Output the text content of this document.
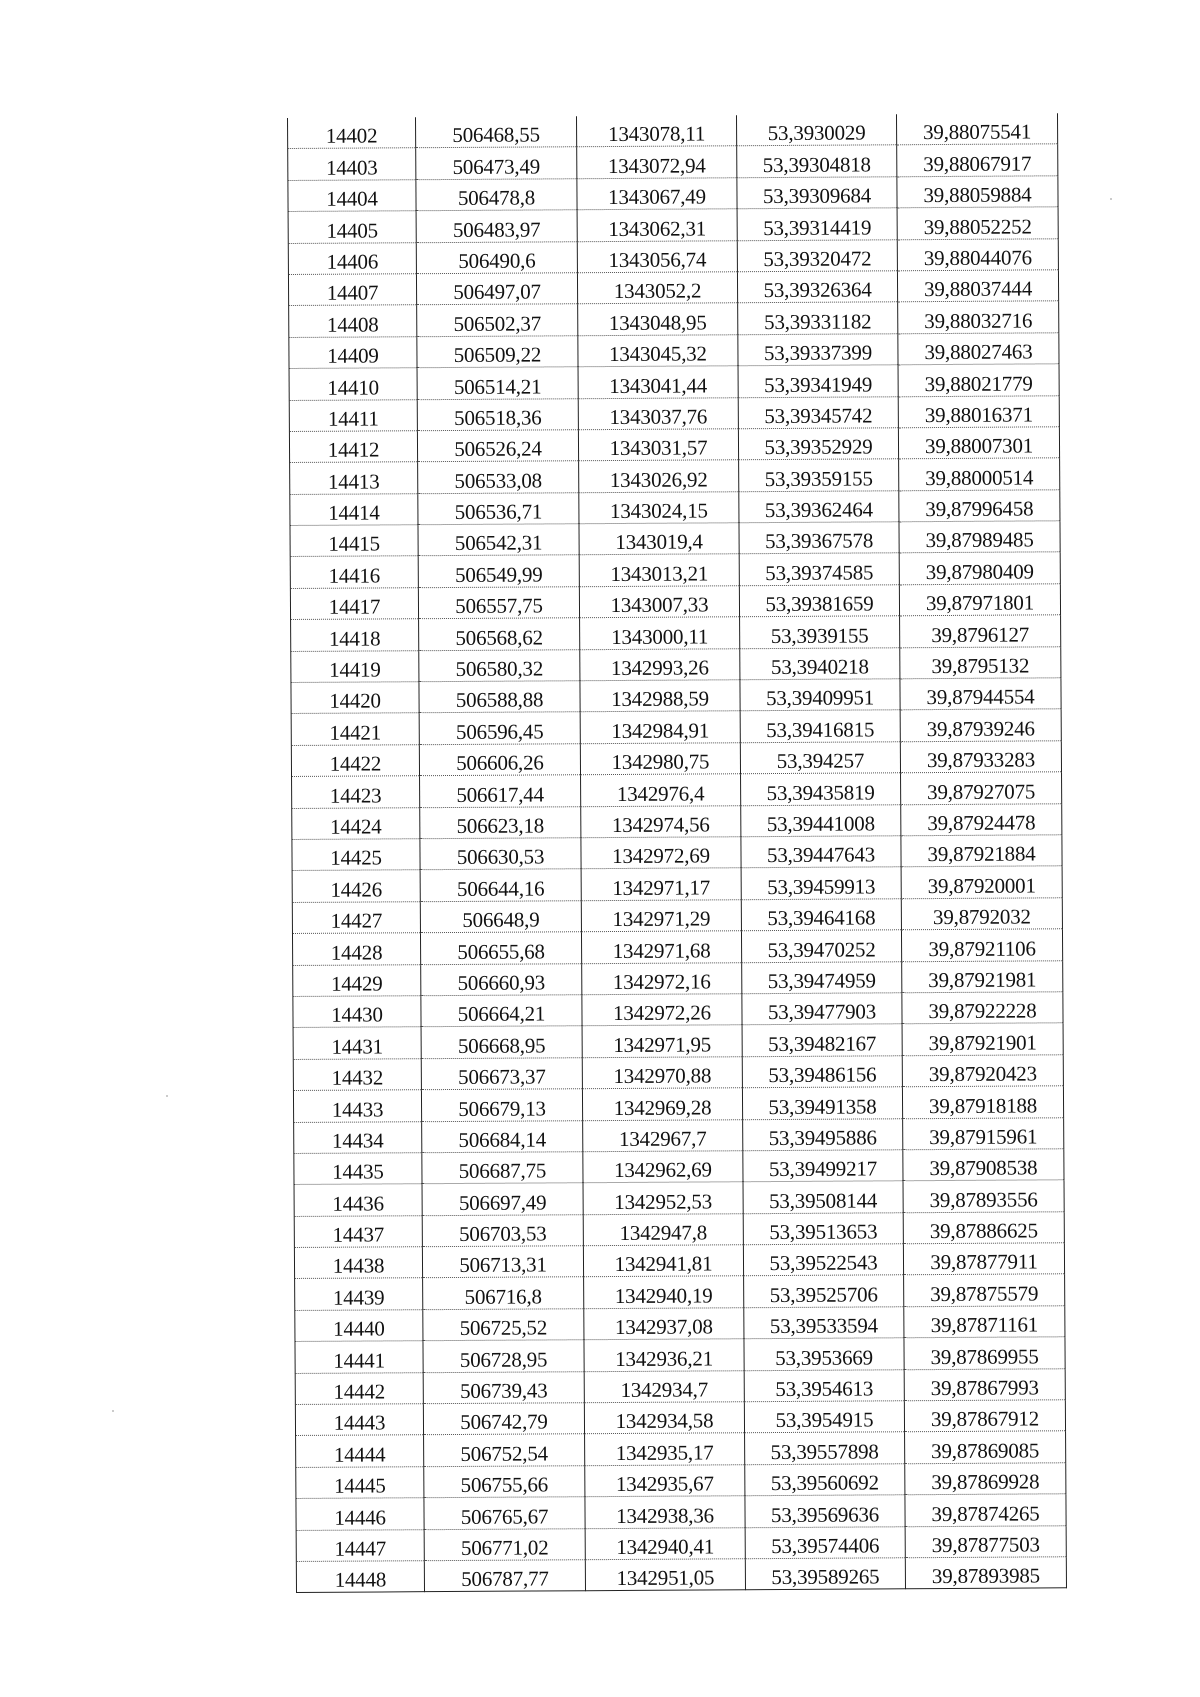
14402	506468,55	1343078,11	53,3930029	39,88075541
14403	506473,49	1343072,94	53,39304818	39,88067917
14404	506478,8	1343067,49	53,39309684	39,88059884
14405	506483,97	1343062,31	53,39314419	39,88052252
14406	506490,6	1343056,74	53,39320472	39,88044076
14407	506497,07	1343052,2	53,39326364	39,88037444
14408	506502,37	1343048,95	53,39331182	39,88032716
14409	506509,22	1343045,32	53,39337399	39,88027463
14410	506514,21	1343041,44	53,39341949	39,88021779
14411	506518,36	1343037,76	53,39345742	39,88016371
14412	506526,24	1343031,57	53,39352929	39,88007301
14413	506533,08	1343026,92	53,39359155	39,88000514
14414	506536,71	1343024,15	53,39362464	39,87996458
14415	506542,31	1343019,4	53,39367578	39,87989485
14416	506549,99	1343013,21	53,39374585	39,87980409
14417	506557,75	1343007,33	53,39381659	39,87971801
14418	506568,62	1343000,11	53,3939155	39,8796127
14419	506580,32	1342993,26	53,3940218	39,8795132
14420	506588,88	1342988,59	53,39409951	39,87944554
14421	506596,45	1342984,91	53,39416815	39,87939246
14422	506606,26	1342980,75	53,394257	39,87933283
14423	506617,44	1342976,4	53,39435819	39,87927075
14424	506623,18	1342974,56	53,39441008	39,87924478
14425	506630,53	1342972,69	53,39447643	39,87921884
14426	506644,16	1342971,17	53,39459913	39,87920001
14427	506648,9	1342971,29	53,39464168	39,8792032
14428	506655,68	1342971,68	53,39470252	39,87921106
14429	506660,93	1342972,16	53,39474959	39,87921981
14430	506664,21	1342972,26	53,39477903	39,87922228
14431	506668,95	1342971,95	53,39482167	39,87921901
14432	506673,37	1342970,88	53,39486156	39,87920423
14433	506679,13	1342969,28	53,39491358	39,87918188
14434	506684,14	1342967,7	53,39495886	39,87915961
14435	506687,75	1342962,69	53,39499217	39,87908538
14436	506697,49	1342952,53	53,39508144	39,87893556
14437	506703,53	1342947,8	53,39513653	39,87886625
14438	506713,31	1342941,81	53,39522543	39,87877911
14439	506716,8	1342940,19	53,39525706	39,87875579
14440	506725,52	1342937,08	53,39533594	39,87871161
14441	506728,95	1342936,21	53,3953669	39,87869955
14442	506739,43	1342934,7	53,3954613	39,87867993
14443	506742,79	1342934,58	53,3954915	39,87867912
14444	506752,54	1342935,17	53,39557898	39,87869085
14445	506755,66	1342935,67	53,39560692	39,87869928
14446	506765,67	1342938,36	53,39569636	39,87874265
14447	506771,02	1342940,41	53,39574406	39,87877503
14448	506787,77	1342951,05	53,39589265	39,87893985
